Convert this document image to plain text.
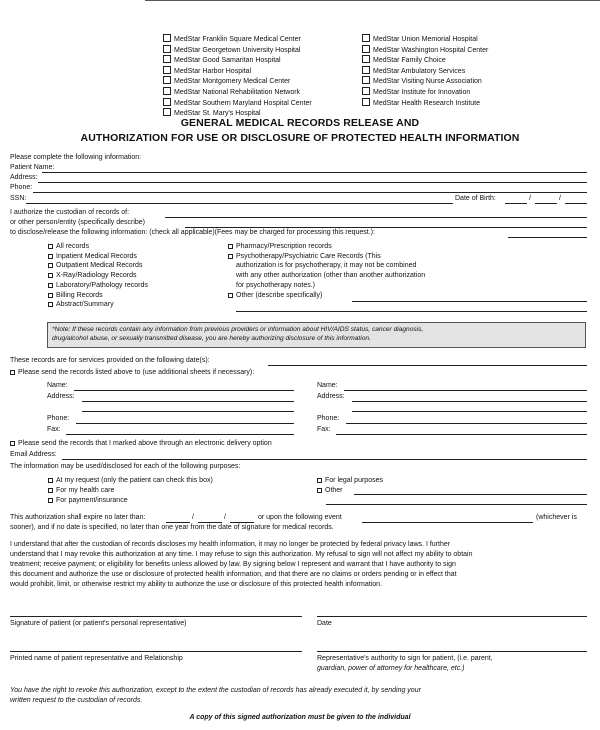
MedStar Franklin Square Medical Center
MedStar Georgetown University Hospital
MedStar Good Samaritan Hospital
MedStar Harbor Hospital
MedStar Montgomery Medical Center
MedStar National Rehabilitation Network
MedStar Southern Maryland Hospital Center
MedStar St. Mary's Hospital
MedStar Union Memorial Hospital
MedStar Washington Hospital Center
MedStar Family Choice
MedStar Ambulatory Services
MedStar Visiting Nurse Association
MedStar Institute for Innovation
MedStar Health Research Institute
GENERAL MEDICAL RECORDS RELEASE AND
AUTHORIZATION FOR USE OR DISCLOSURE OF PROTECTED HEALTH INFORMATION
Please complete the following information:
Patient Name:
Address:
Phone:
SSN:	Date of Birth:	/	/
I authorize the custodian of records of:
or other person/entity (specifically describe)
to disclose/release the following information: (check all applicable)(Fees may be charged for processing this request.):
All records
Inpatient Medical Records
Outpatient Medical Records
X-Ray/Radiology Records
Laboratory/Pathology records
Billing Records
Abstract/Summary
Pharmacy/Prescription records
Psychotherapy/Psychiatric Care Records (This
authorization is for psychotherapy, it may not be combined
with any other authorization (other than another authorization
for psychotherapy notes.)
Other (describe specifically)
*Note: If these records contain any information from previous providers or information about HIV/AIDS status, cancer diagnosis,
drug/alcohol abuse, or sexually transmitted disease, you are hereby authorizing disclosure of this information.
These records are for services provided on the following date(s):
Please send the records listed above to (use additional sheets if necessary):
Name:
Address:
Phone:
Fax:
Name:
Address:
Phone:
Fax:
Please send the records that I marked above through an electronic delivery option
Email Address:
The information may be used/disclosed for each of the following purposes:
At my request (only the patient can check this box)
For my health care
For payment/insurance
For legal purposes
Other
This authorization shall expire no later than:	/	/	or upon the following event	(whichever is
sooner), and if no date is specified, no later than one year from the date of signature for medical records.
I understand that after the custodian of records discloses my health information, it may no longer be protected by federal privacy laws. I further
understand that I may revoke this authorization at any time. I may refuse to sign this authorization. My refusal to sign will not affect my ability to obtain
treatment; receive payment; or eligibility for benefits unless allowed by law. By signing below I represent and warrant that I have authority to sign
this document and authorize the use or disclosure of protected health information, and that there are no claims or orders pending or in effect that
would prohibit, limit, or otherwise restrict my ability to authorize the use or disclosure of this protected health information.
Signature of patient (or patient's personal representative)	Date
Printed name of patient representative and Relationship	Representative's authority to sign for patient, (i.e. parent,
guardian, power of attorney for healthcare, etc.)
You have the right to revoke this authorization, except to the extent the custodian of records has already executed it, by sending your
written request to the custodian of records.
A copy of this signed authorization must be given to the individual
